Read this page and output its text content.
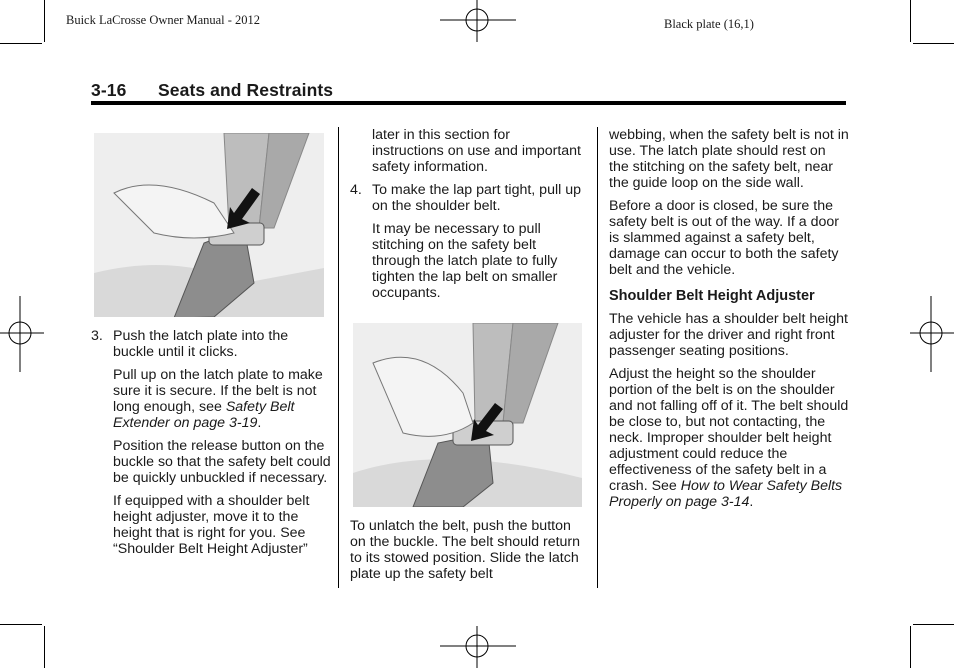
Buick LaCrosse Owner Manual - 2012	Black plate (16,1)
3-16 Seats and Restraints
3. Push the latch plate into the buckle until it clicks.

Pull up on the latch plate to make sure it is secure. If the belt is not long enough, see Safety Belt Extender on page 3-19.

Position the release button on the buckle so that the safety belt could be quickly unbuckled if necessary.

If equipped with a shoulder belt height adjuster, move it to the height that is right for you. See “Shoulder Belt Height Adjuster”

later in this section for instructions on use and important safety information.

4. To make the lap part tight, pull up on the shoulder belt.

It may be necessary to pull stitching on the safety belt through the latch plate to fully tighten the lap belt on smaller occupants.

To unlatch the belt, push the button on the buckle. The belt should return to its stowed position. Slide the latch plate up the safety belt

webbing, when the safety belt is not in use. The latch plate should rest on the stitching on the safety belt, near the guide loop on the side wall.

Before a door is closed, be sure the safety belt is out of the way. If a door is slammed against a safety belt, damage can occur to both the safety belt and the vehicle.

Shoulder Belt Height Adjuster

The vehicle has a shoulder belt height adjuster for the driver and right front passenger seating positions.

Adjust the height so the shoulder portion of the belt is on the shoulder and not falling off of it. The belt should be close to, but not contacting, the neck. Improper shoulder belt height adjustment could reduce the effectiveness of the safety belt in a crash. See How to Wear Safety Belts Properly on page 3-14.
